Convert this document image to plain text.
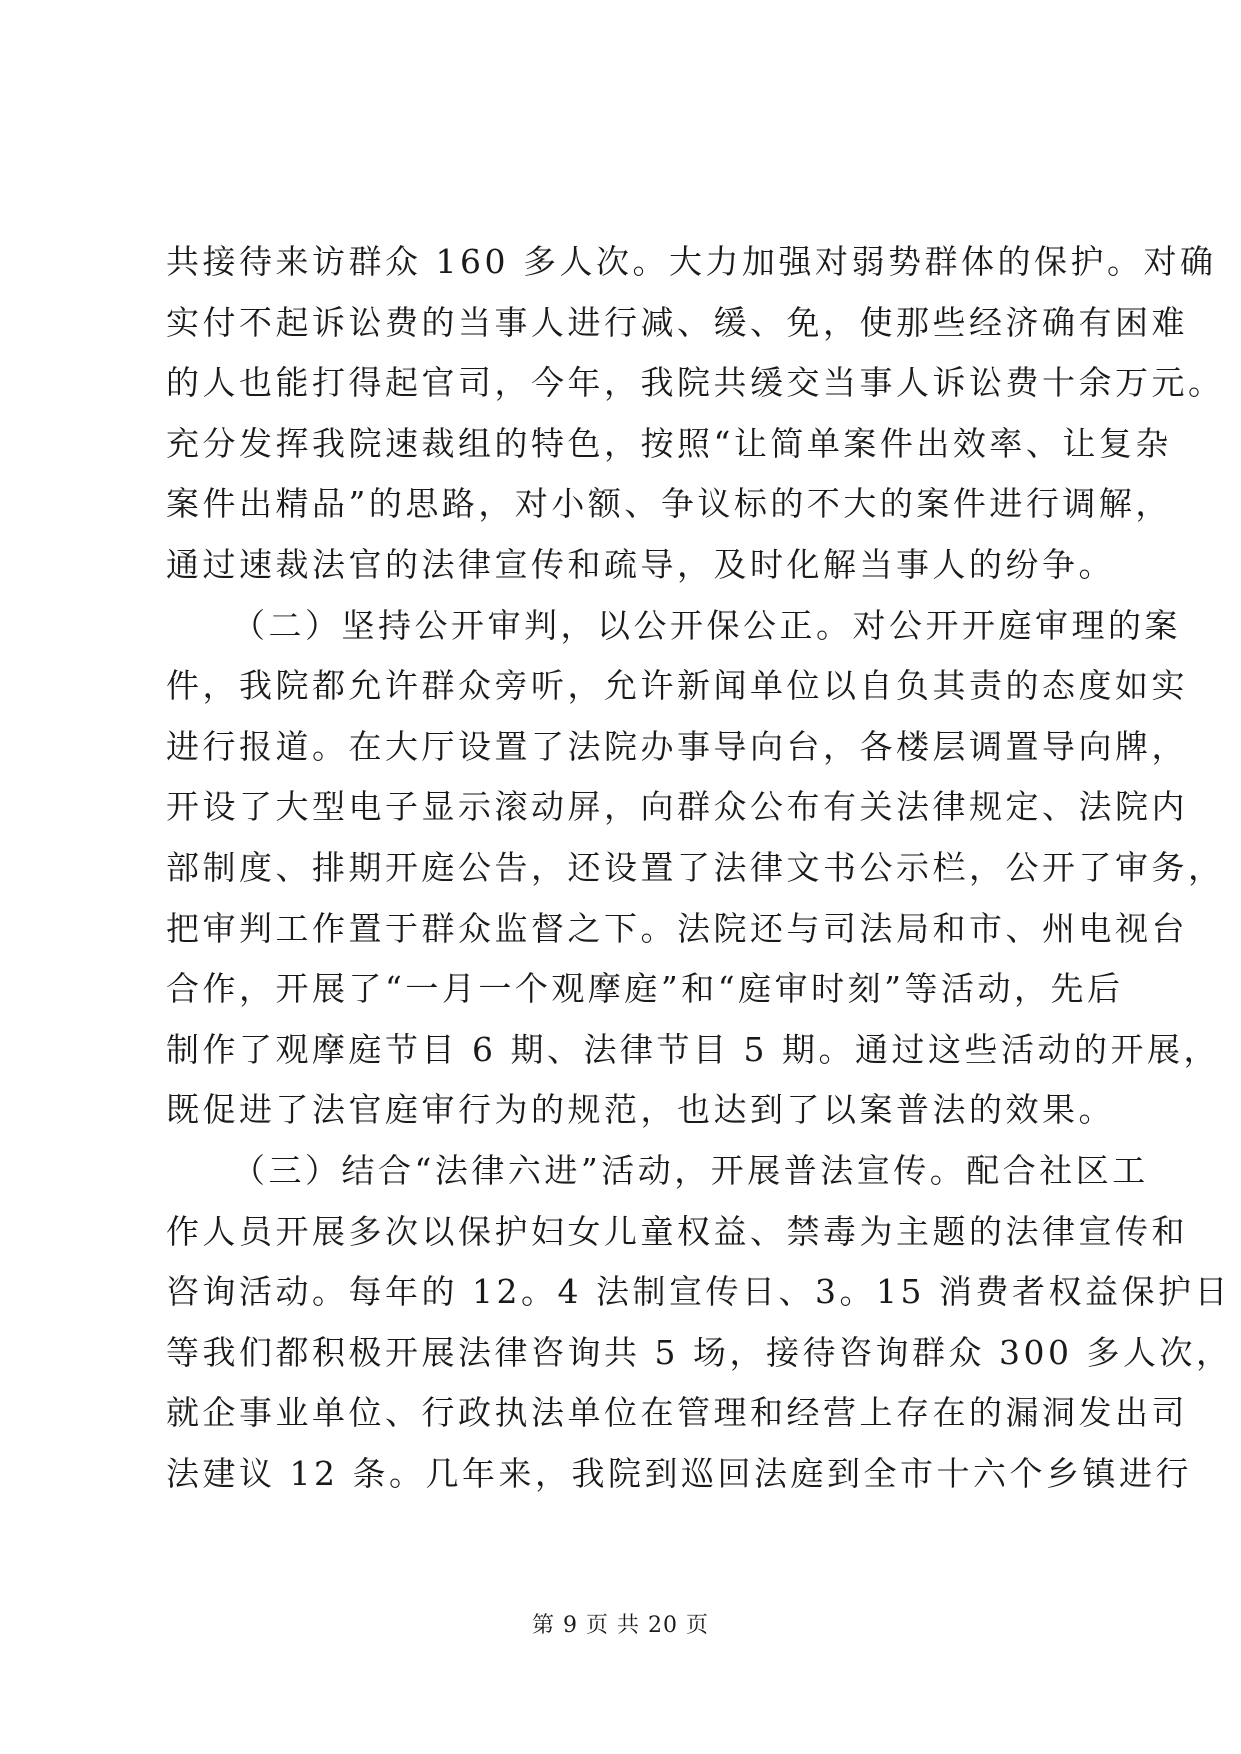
共接待来访群众 160 多人次。大力加强对弱势群体的保护。对确
实付不起诉讼费的当事人进行减、缓、免，使那些经济确有困难
的人也能打得起官司，今年，我院共缓交当事人诉讼费十余万元。
充分发挥我院速裁组的特色，按照“让简单案件出效率、让复杂
案件出精品”的思路，对小额、争议标的不大的案件进行调解，
通过速裁法官的法律宣传和疏导，及时化解当事人的纷争。
（二）坚持公开审判，以公开保公正。对公开开庭审理的案
件，我院都允许群众旁听，允许新闻单位以自负其责的态度如实
进行报道。在大厅设置了法院办事导向台，各楼层调置导向牌，
开设了大型电子显示滚动屏，向群众公布有关法律规定、法院内
部制度、排期开庭公告，还设置了法律文书公示栏，公开了审务，
把审判工作置于群众监督之下。法院还与司法局和市、州电视台
合作，开展了“一月一个观摩庭”和“庭审时刻”等活动，先后
制作了观摩庭节目 6 期、法律节目 5 期。通过这些活动的开展，
既促进了法官庭审行为的规范，也达到了以案普法的效果。
（三）结合“法律六进”活动，开展普法宣传。配合社区工
作人员开展多次以保护妇女儿童权益、禁毒为主题的法律宣传和
咨询活动。每年的 12。4 法制宣传日、3。15 消费者权益保护日
等我们都积极开展法律咨询共 5 场，接待咨询群众 300 多人次，
就企事业单位、行政执法单位在管理和经营上存在的漏洞发出司
法建议 12 条。几年来，我院到巡回法庭到全市十六个乡镇进行
第 9 页 共 20 页
